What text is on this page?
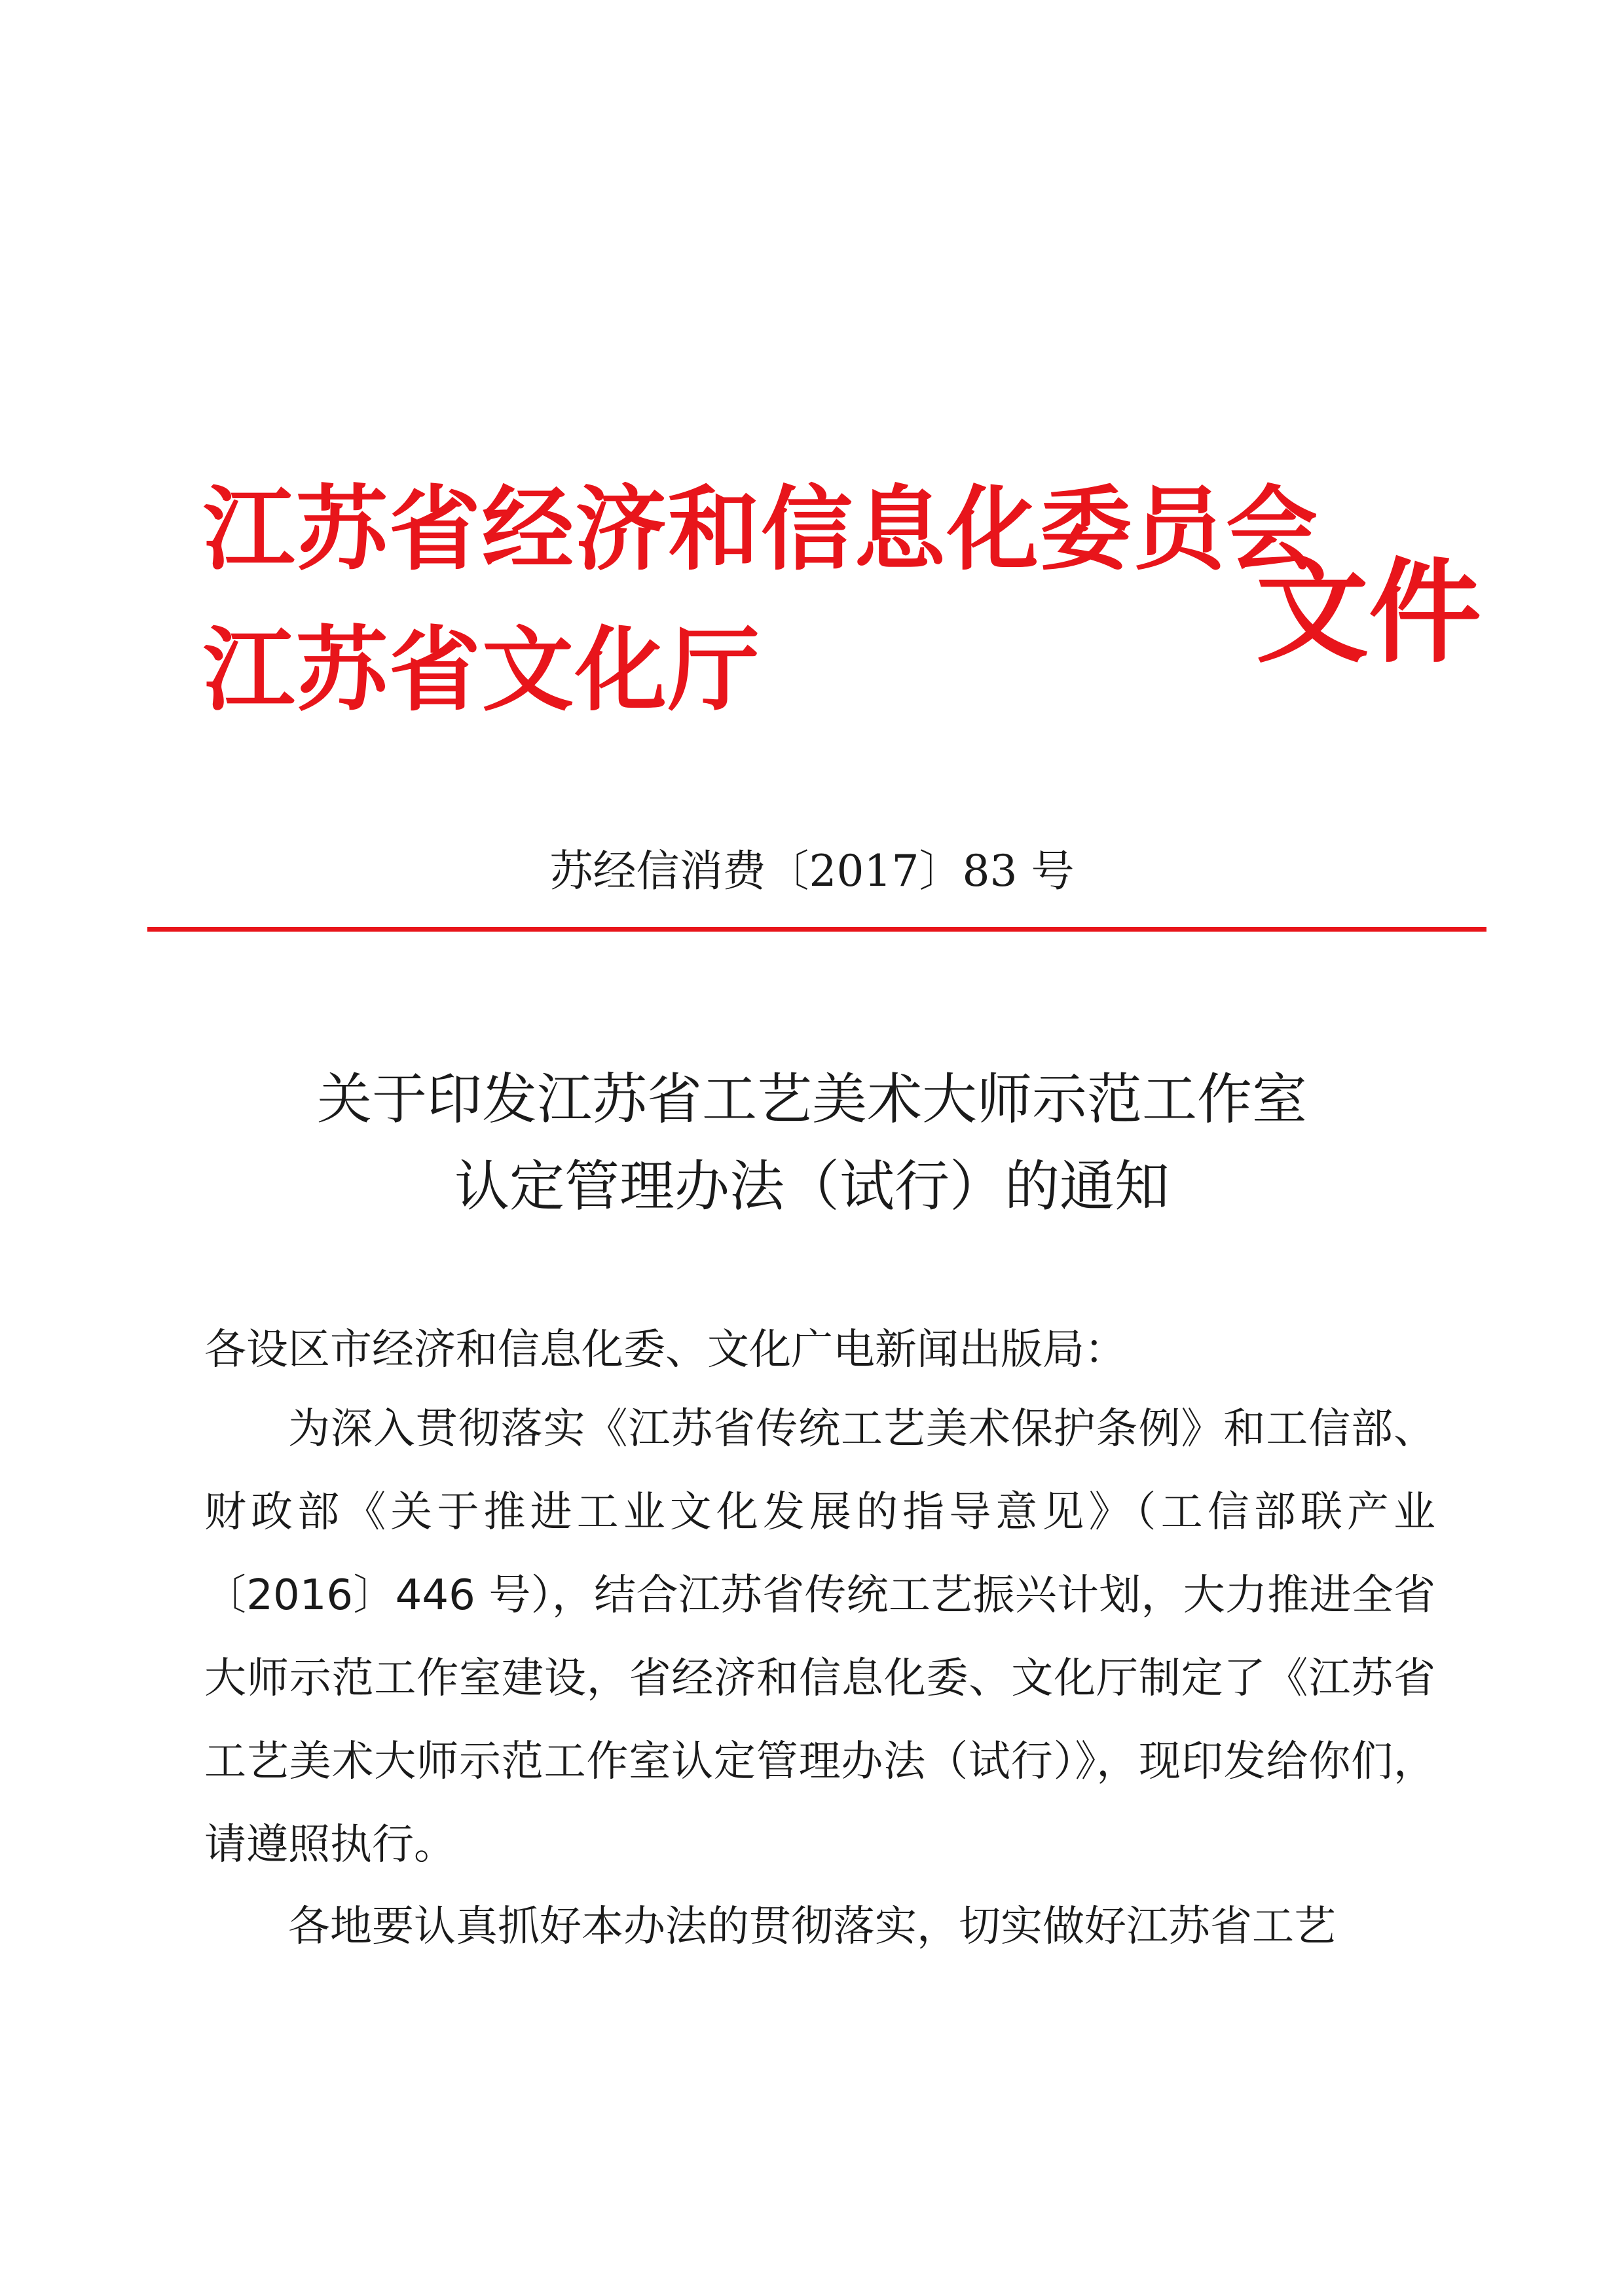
江苏省经济和信息化委员会
江苏省文化厅	文件
苏经信消费〔2017〕83 号
关于印发江苏省工艺美术大师示范工作室
认定管理办法（试行）的通知
各设区市经济和信息化委、文化广电新闻出版局：
为深入贯彻落实《江苏省传统工艺美术保护条例》和工信部、财政部《关于推进工业文化发展的指导意见》（工信部联产业〔2016〕446 号），结合江苏省传统工艺振兴计划，大力推进全省大师示范工作室建设，省经济和信息化委、文化厅制定了《江苏省工艺美术大师示范工作室认定管理办法（试行）》，现印发给你们，请遵照执行。
各地要认真抓好本办法的贯彻落实，切实做好江苏省工艺
